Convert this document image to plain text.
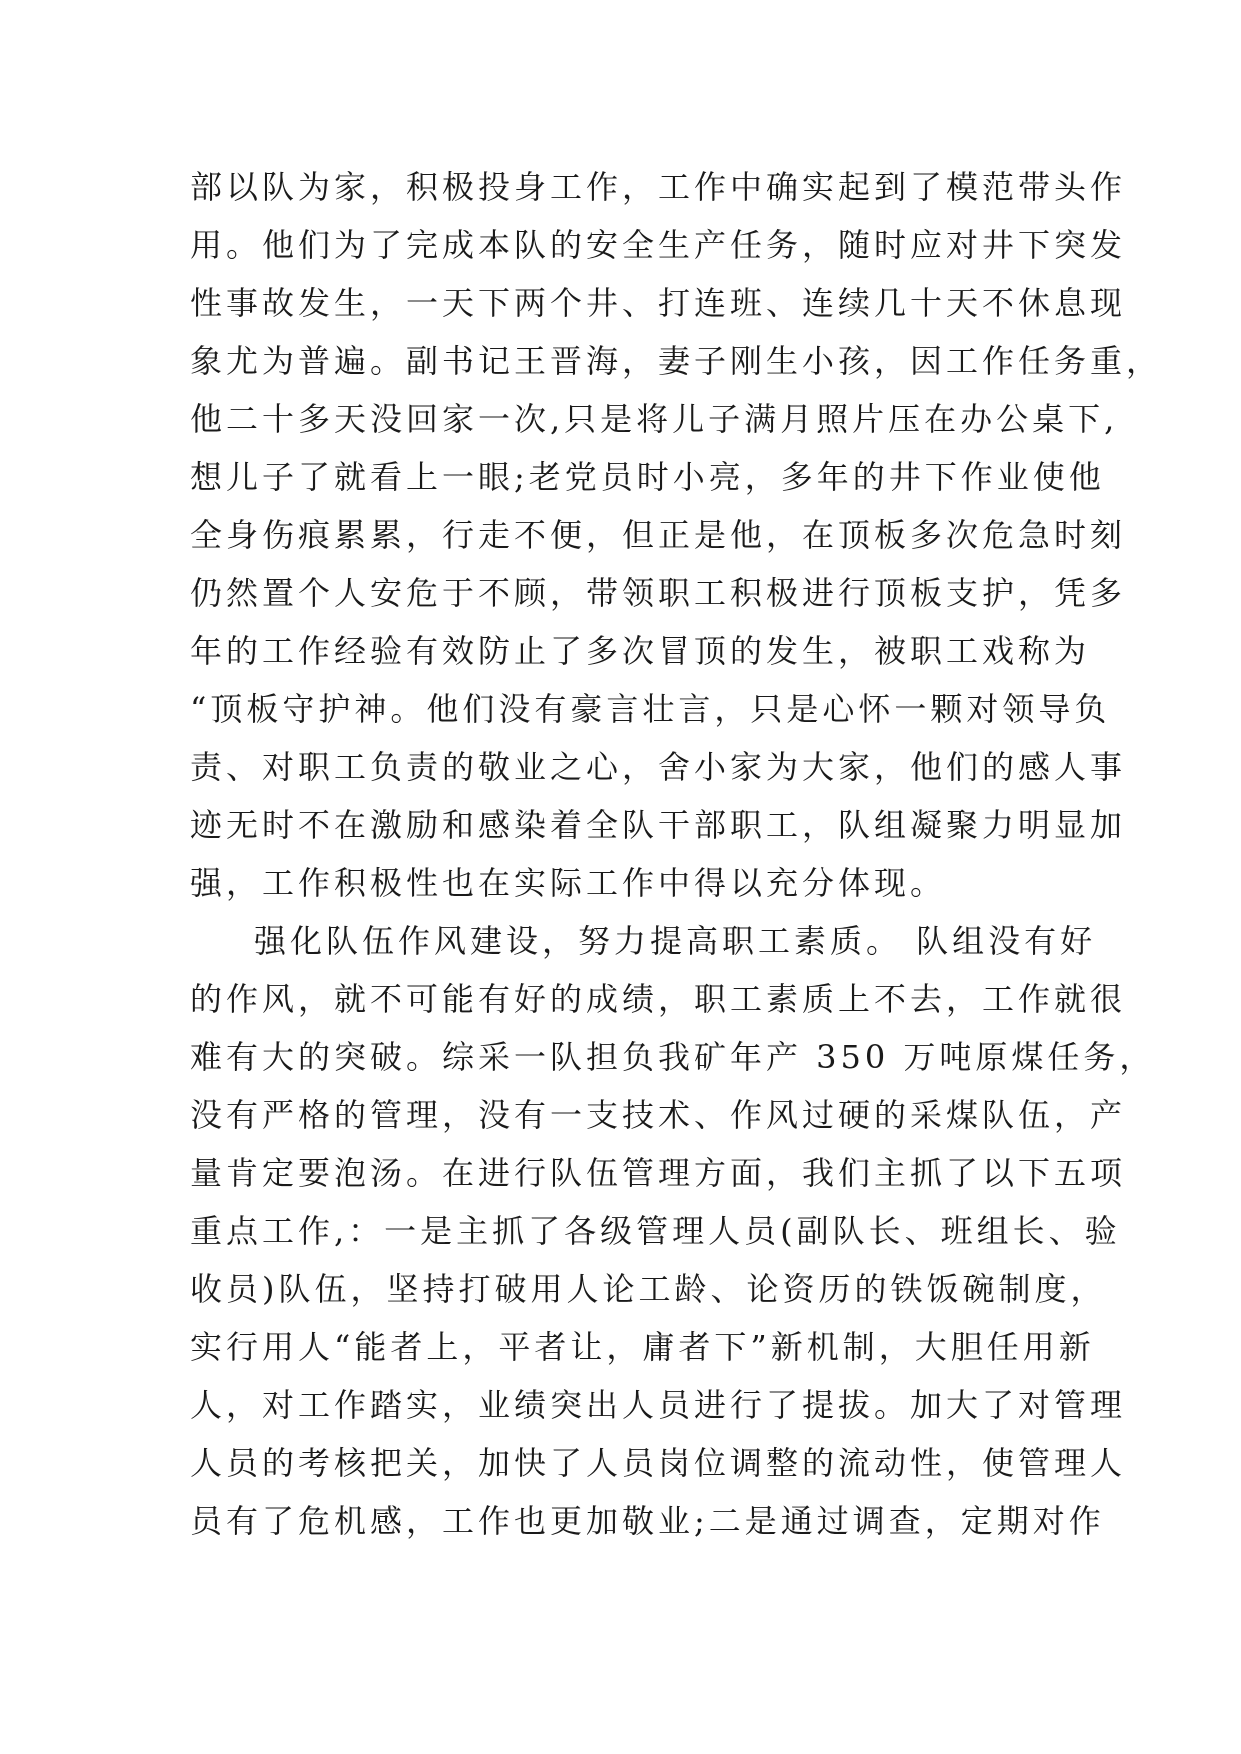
部以队为家，积极投身工作，工作中确实起到了模范带头作
用。他们为了完成本队的安全生产任务，随时应对井下突发
性事故发生，一天下两个井、打连班、连续几十天不休息现
象尤为普遍。副书记王晋海，妻子刚生小孩，因工作任务重，
他二十多天没回家一次,只是将儿子满月照片压在办公桌下,
想儿子了就看上一眼;老党员时小亮，多年的井下作业使他
全身伤痕累累，行走不便，但正是他，在顶板多次危急时刻
仍然置个人安危于不顾，带领职工积极进行顶板支护，凭多
年的工作经验有效防止了多次冒顶的发生，被职工戏称为
“顶板守护神。他们没有豪言壮言，只是心怀一颗对领导负
责、对职工负责的敬业之心，舍小家为大家，他们的感人事
迹无时不在激励和感染着全队干部职工，队组凝聚力明显加
强，工作积极性也在实际工作中得以充分体现。
强化队伍作风建设，努力提高职工素质。 队组没有好
的作风，就不可能有好的成绩，职工素质上不去，工作就很
难有大的突破。综采一队担负我矿年产 350 万吨原煤任务，
没有严格的管理，没有一支技术、作风过硬的采煤队伍，产
量肯定要泡汤。在进行队伍管理方面，我们主抓了以下五项
重点工作,：一是主抓了各级管理人员(副队长、班组长、验
收员)队伍，坚持打破用人论工龄、论资历的铁饭碗制度，
实行用人“能者上，平者让，庸者下”新机制，大胆任用新
人，对工作踏实，业绩突出人员进行了提拔。加大了对管理
人员的考核把关，加快了人员岗位调整的流动性，使管理人
员有了危机感，工作也更加敬业;二是通过调查，定期对作
